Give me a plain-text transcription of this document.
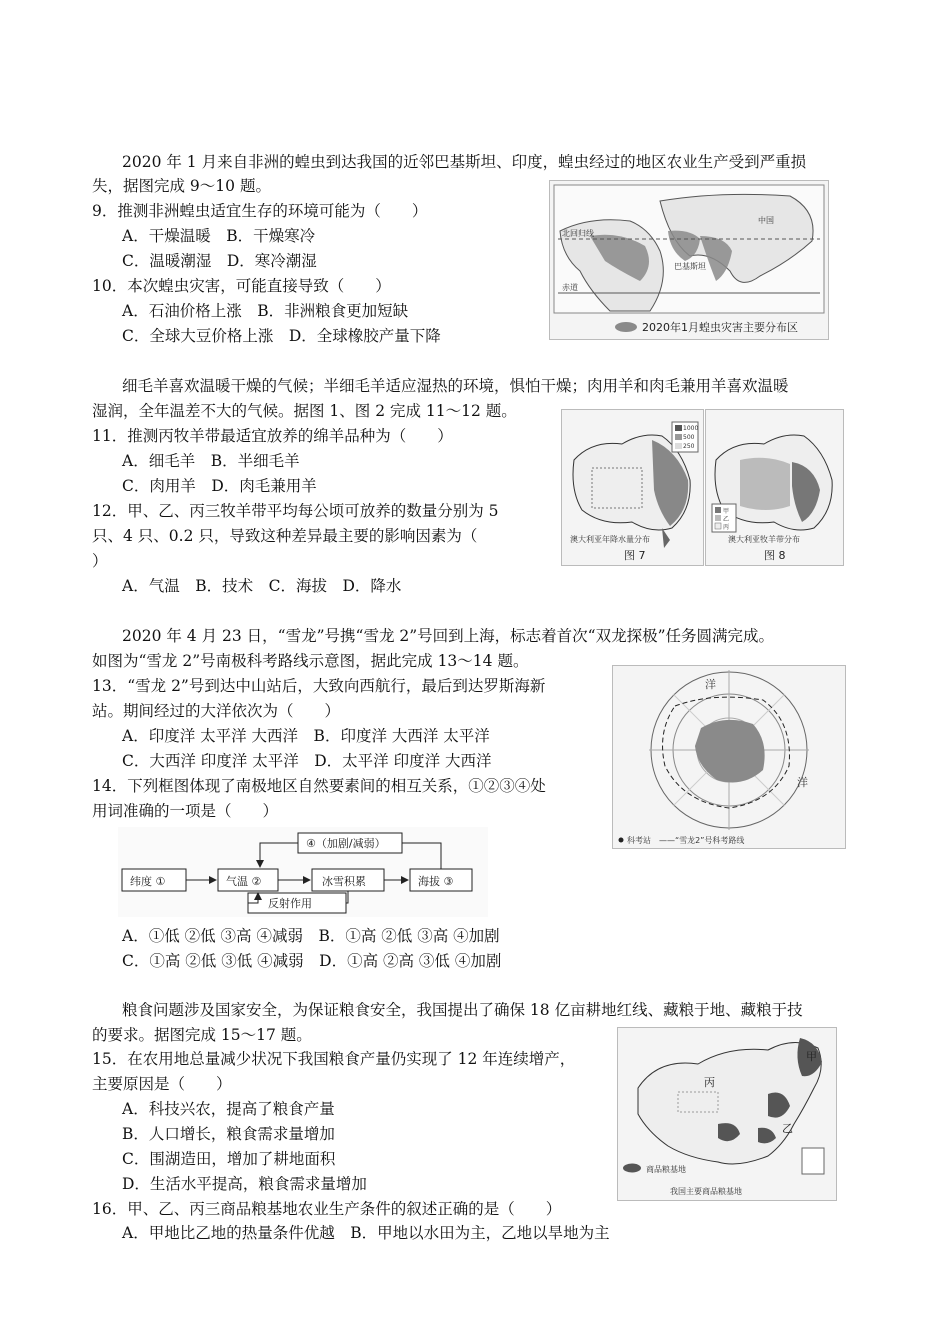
2020 年 1 月来自非洲的蝗虫到达我国的近邻巴基斯坦、印度，蝗虫经过的地区农业生产受到严重损
失，据图完成 9～10 题。
9．推测非洲蝗虫适宜生存的环境可能为（　　）
A．干燥温暖　B．干燥寒冷
C．温暖潮湿　D．寒冷潮湿
10．本次蝗虫灾害，可能直接导致（　　）
A．石油价格上涨　B．非洲粮食更加短缺
C．全球大豆价格上涨　D．全球橡胶产量下降
中国
北回归线
赤道
巴基斯坦
2020年1月蝗虫灾害主要分布区
细毛羊喜欢温暖干燥的气候；半细毛羊适应湿热的环境，惧怕干燥；肉用羊和肉毛兼用羊喜欢温暖
湿润，全年温差不大的气候。据图 1、图 2 完成 11～12 题。
11．推测丙牧羊带最适宜放养的绵羊品种为（　　）
A．细毛羊　B．半细毛羊
C．肉用羊　D．肉毛兼用羊
12．甲、乙、丙三牧羊带平均每公顷可放养的数量分别为 5
只、4 只、0.2 只，导致这种差异最主要的影响因素为（
）
A．气温　B．技术　C．海拔　D．降水
1000
500
250
澳大利亚年降水量分布
图 7
甲
乙
丙
澳大利亚牧羊带分布
图 8
2020 年 4 月 23 日，“雪龙”号携“雪龙 2”号回到上海，标志着首次“双龙探极”任务圆满完成。
如图为“雪龙 2”号南极科考路线示意图，据此完成 13～14 题。
13．“雪龙 2”号到达中山站后，大致向西航行，最后到达罗斯海新
站。期间经过的大洋依次为（　　）
A．印度洋 太平洋 大西洋　B．印度洋 大西洋 太平洋
C．大西洋 印度洋 太平洋　D．太平洋 印度洋 大西洋
14．下列框图体现了南极地区自然要素间的相互关系，①②③④处
用词准确的一项是（　　）
洋
洋
科考站　——“雪龙2”号科考路线
纬度 ①	气温 ②	冰雪积累	海拔 ③
④（加剧/减弱）
反射作用
A．①低 ②低 ③高 ④减弱　B．①高 ②低 ③高 ④加剧
C．①高 ②低 ③低 ④减弱　D．①高 ②高 ③低 ④加剧
粮食问题涉及国家安全，为保证粮食安全，我国提出了确保 18 亿亩耕地红线、藏粮于地、藏粮于技
的要求。据图完成 15～17 题。
15．在农用地总量减少状况下我国粮食产量仍实现了 12 年连续增产，
主要原因是（　　）
A．科技兴农，提高了粮食产量
B．人口增长，粮食需求量增加
C．围湖造田，增加了耕地面积
D．生活水平提高，粮食需求量增加
16．甲、乙、丙三商品粮基地农业生产条件的叙述正确的是（　　）
A．甲地比乙地的热量条件优越　B．甲地以水田为主，乙地以旱地为主
甲
乙
丙
商品粮基地
我国主要商品粮基地
